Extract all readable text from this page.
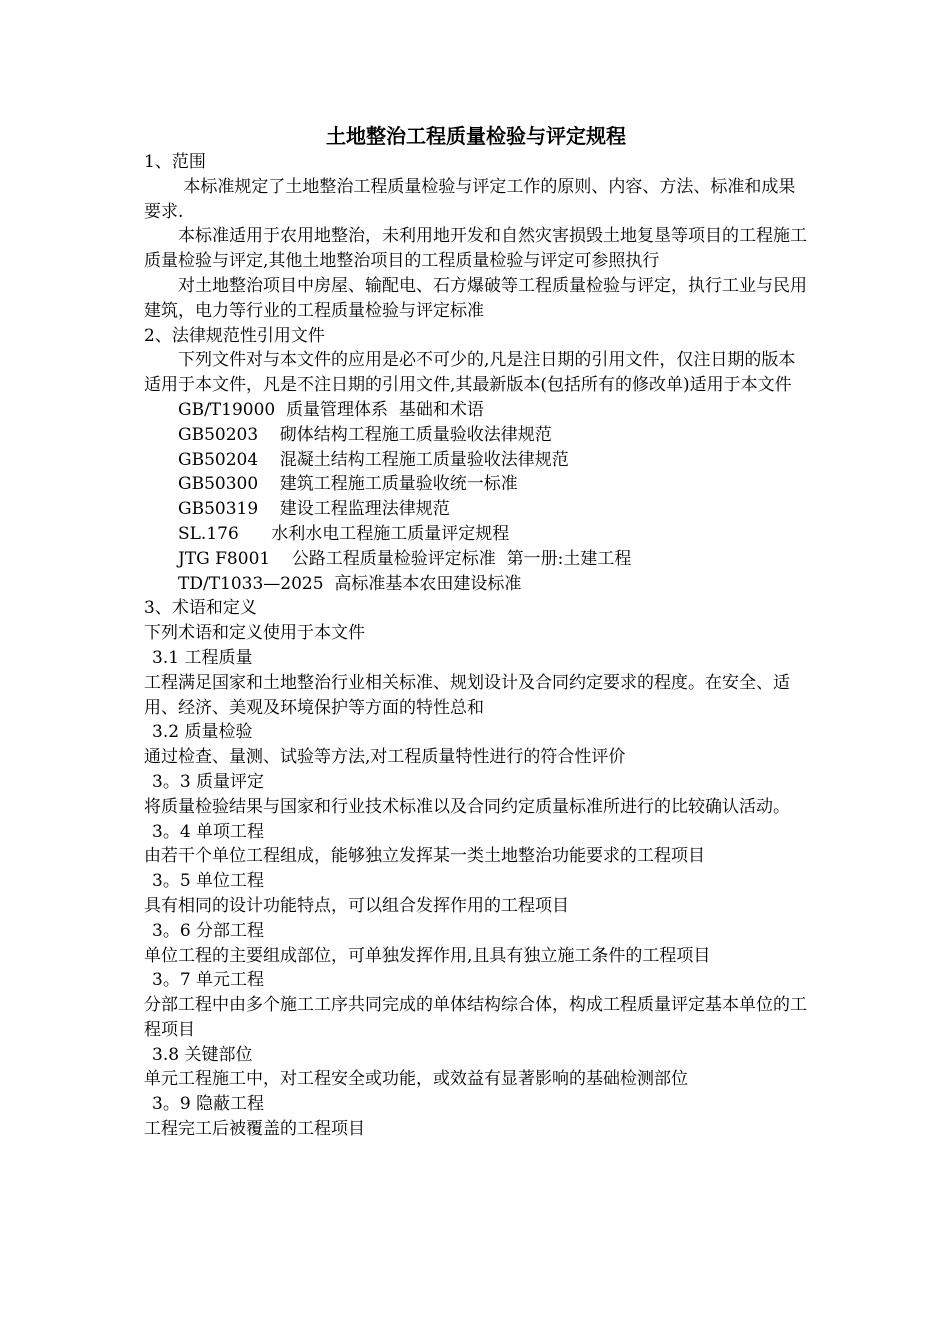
土地整治工程质量检验与评定规程

1、范围

本标准规定了土地整治工程质量检验与评定工作的原则、内容、方法、标准和成果要求.

本标准适用于农用地整治，未利用地开发和自然灾害损毁土地复垦等项目的工程施工质量检验与评定,其他土地整治项目的工程质量检验与评定可参照执行

对土地整治项目中房屋、输配电、石方爆破等工程质量检验与评定，执行工业与民用建筑，电力等行业的工程质量检验与评定标准

2、法律规范性引用文件

下列文件对与本文件的应用是必不可少的,凡是注日期的引用文件，仅注日期的版本适用于本文件，凡是不注日期的引用文件,其最新版本(包括所有的修改单)适用于本文件

GB/T19000  质量管理体系  基础和术语

GB50203    砌体结构工程施工质量验收法律规范

GB50204    混凝土结构工程施工质量验收法律规范

GB50300    建筑工程施工质量验收统一标准

GB50319    建设工程监理法律规范

SL.176      水利水电工程施工质量评定规程

JTG F8001    公路工程质量检验评定标准  第一册:土建工程

TD/T1033—2025  高标准基本农田建设标准

3、术语和定义

下列术语和定义使用于本文件

3.1 工程质量

工程满足国家和土地整治行业相关标准、规划设计及合同约定要求的程度。在安全、适用、经济、美观及环境保护等方面的特性总和

3.2 质量检验

通过检查、量测、试验等方法,对工程质量特性进行的符合性评价

3。3 质量评定

将质量检验结果与国家和行业技术标准以及合同约定质量标准所进行的比较确认活动。

3。4 单项工程

由若干个单位工程组成，能够独立发挥某一类土地整治功能要求的工程项目

3。5 单位工程

具有相同的设计功能特点，可以组合发挥作用的工程项目

3。6 分部工程

单位工程的主要组成部位，可单独发挥作用,且具有独立施工条件的工程项目

3。7 单元工程

分部工程中由多个施工工序共同完成的单体结构综合体，构成工程质量评定基本单位的工程项目

3.8 关键部位

单元工程施工中，对工程安全或功能，或效益有显著影响的基础检测部位

3。9 隐蔽工程

工程完工后被覆盖的工程项目
